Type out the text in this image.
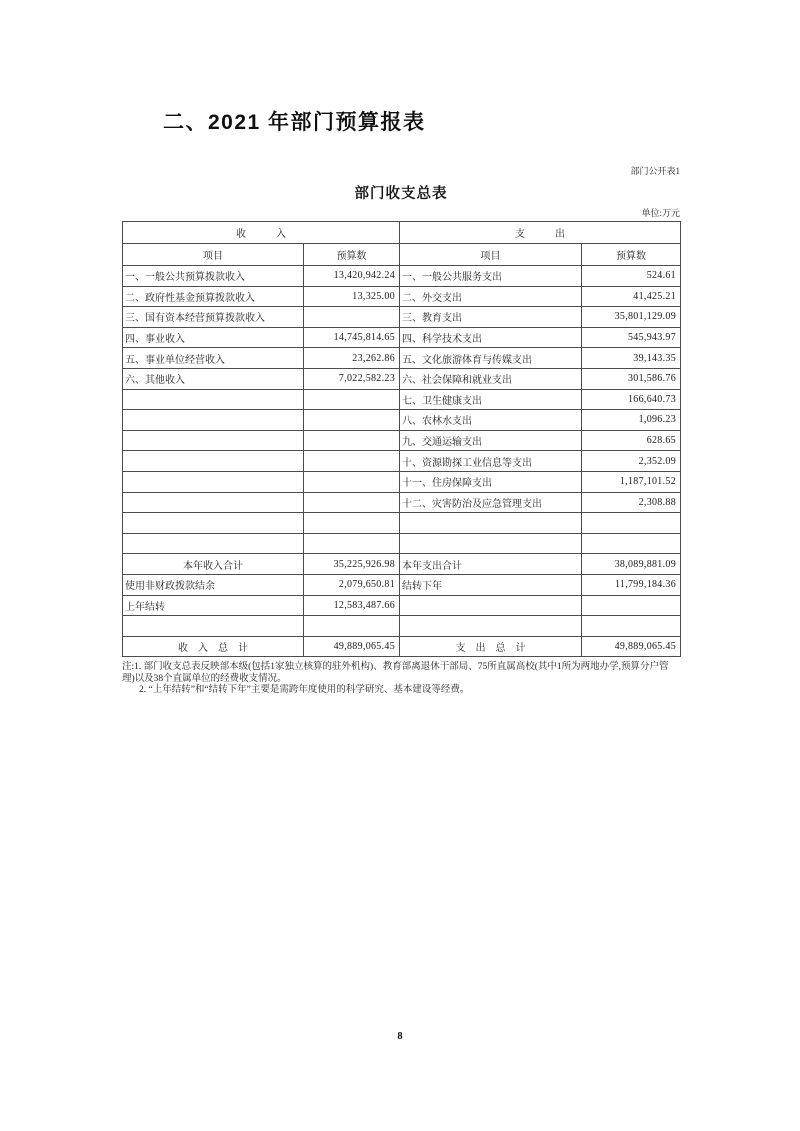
二、2021 年部门预算报表
部门公开表1
部门收支总表
单位:万元
收　　　入		支　　　出	
项目	预算数	项目	预算数
一、一般公共预算拨款收入	13,420,942.24	一、一般公共服务支出	524.61
二、政府性基金预算拨款收入	13,325.00	二、外交支出	41,425.21
三、国有资本经营预算拨款收入		三、教育支出	35,801,129.09
四、事业收入	14,745,814.65	四、科学技术支出	545,943.97
五、事业单位经营收入	23,262.86	五、文化旅游体育与传媒支出	39,143.35
六、其他收入	7,022,582.23	六、社会保障和就业支出	301,586.76
		七、卫生健康支出	166,640.73
		八、农林水支出	1,096.23
		九、交通运输支出	628.65
		十、资源勘探工业信息等支出	2,352.09
		十一、住房保障支出	1,187,101.52
		十二、灾害防治及应急管理支出	2,308.88

本年收入合计	35,225,926.98	本年支出合计	38,089,881.09
使用非财政拨款结余	2,079,650.81	结转下年	11,799,184.36
上年结转	12,583,487.66		

收　入　总　计	49,889,065.45	支　出　总　计	49,889,065.45

注:1. 部门收支总表反映部本级(包括1家独立核算的驻外机构)、教育部离退休干部局、75所直属高校(其中1所为两地办学,预算分户管

理)以及38个直属单位的经费收支情况。

2. “上年结转”和“结转下年”主要是需跨年度使用的科学研究、基本建设等经费。

8
